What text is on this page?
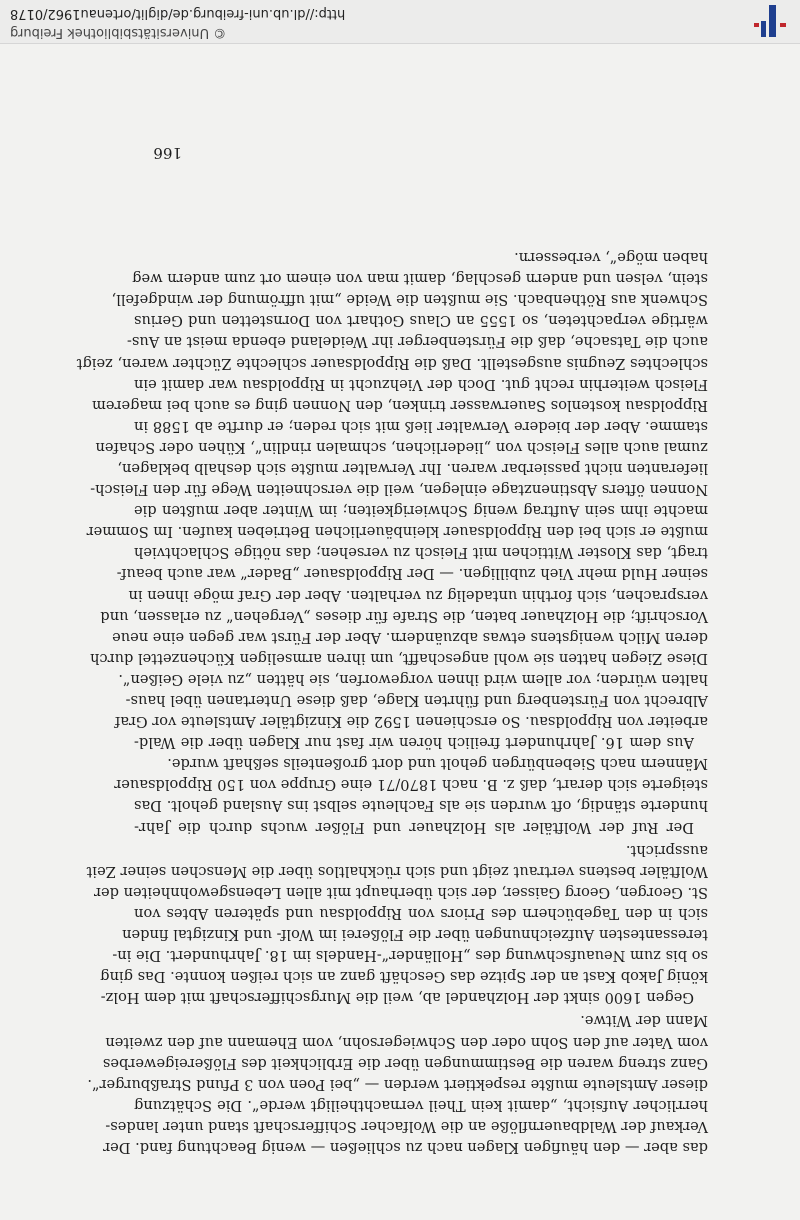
© Universitätsbibliothek Freiburg
http://dl.ub.uni-freiburg.de/diglit/ortenau1962/0178
das aber — den häufigen Klagen nach zu schließen — wenig Beachtung fand. Der
Verkauf der Waldbauernflöße an die Wolfacher Schifferschaft stand unter landes-
herrlicher Aufsicht, „damit kein Theil vernachtheiligt werde“. Die Schätzung
dieser Amtsleute mußte respektiert werden — „bei Poen von 3 Pfund Straßburger“.
Ganz streng waren die Bestimmungen über die Erblichkeit des Flößereigewerbes
vom Vater auf den Sohn oder den Schwiegersohn, vom Ehemann auf den zweiten
Mann der Witwe.
Gegen 1600 sinkt der Holzhandel ab, weil die Murgschifferschaft mit dem Holz-
könig Jakob Kast an der Spitze das Geschäft ganz an sich reißen konnte. Das ging
so bis zum Neuaufschwung des „Holländer“-Handels im 18. Jahrhundert. Die in-
teressantesten Aufzeichnungen über die Flößerei im Wolf- und Kinzigtal finden
sich in den Tagebüchern des Priors von Rippoldsau und späteren Abtes von
St. Georgen, Georg Gaisser, der sich überhaupt mit allen Lebensgewohnheiten der
Wolftäler bestens vertraut zeigt und sich rückhaltlos über die Menschen seiner Zeit
ausspricht.
Der Ruf der Wolftäler als Holzhauer und Flößer wuchs durch die Jahr-
hunderte ständig, oft wurden sie als Fachleute selbst ins Ausland geholt. Das
steigerte sich derart, daß z. B. nach 1870/71 eine Gruppe von 150 Rippoldsauer
Männern nach Siebenbürgen geholt und dort großenteils seßhaft wurde.
Aus dem 16. Jahrhundert freilich hören wir fast nur Klagen über die Wald-
arbeiter von Rippoldsau. So erschienen 1592 die Kinzigtäler Amtsleute vor Graf
Albrecht von Fürstenberg und führten Klage, daß diese Untertanen übel haus-
halten würden; vor allem wird ihnen vorgeworfen, sie hätten „zu viele Geißen“.
Diese Ziegen hatten sie wohl angeschafft, um ihren armseligen Küchenzettel durch
deren Milch wenigstens etwas abzuändern. Aber der Fürst war gegen eine neue
Vorschrift; die Holzhauer baten, die Strafe für dieses „Vergehen“ zu erlassen, und
versprachen, sich forthin untadelig zu verhalten. Aber der Graf möge ihnen in
seiner Huld mehr Vieh zubilligen. — Der Rippoldsauer „Bader“ war auch beauf-
tragt, das Kloster Wittichen mit Fleisch zu versehen; das nötige Schlachtvieh
mußte er sich bei den Rippoldsauer kleinbäuerlichen Betrieben kaufen. Im Sommer
machte ihm sein Auftrag wenig Schwierigkeiten; im Winter aber mußten die
Nonnen öfters Abstinenztage einlegen, weil die verschneiten Wege für den Fleisch-
lieferanten nicht passierbar waren. Ihr Verwalter mußte sich deshalb beklagen,
zumal auch alles Fleisch von „liederlichen, schmalen rindlin“, Kühen oder Schafen
stamme. Aber der biedere Verwalter ließ mit sich reden; er durfte ab 1588 in
Rippoldsau kostenlos Sauerwasser trinken, den Nonnen ging es auch bei magerem
Fleisch weiterhin recht gut. Doch der Viehzucht in Rippoldsau war damit ein
schlechtes Zeugnis ausgestellt. Daß die Rippoldsauer schlechte Züchter waren, zeigt
auch die Tatsache, daß die Fürstenberger ihr Weideland ebenda meist an Aus-
wärtige verpachteten, so 1555 an Claus Gothart von Dornstetten und Gerius
Schwenk aus Röthenbach. Sie mußten die Weide „mit uffrömung der windgefell,
stein, velsen und andern geschlag, damit man von einem ort zum andern weg
haben möge“, verbessern.
166
